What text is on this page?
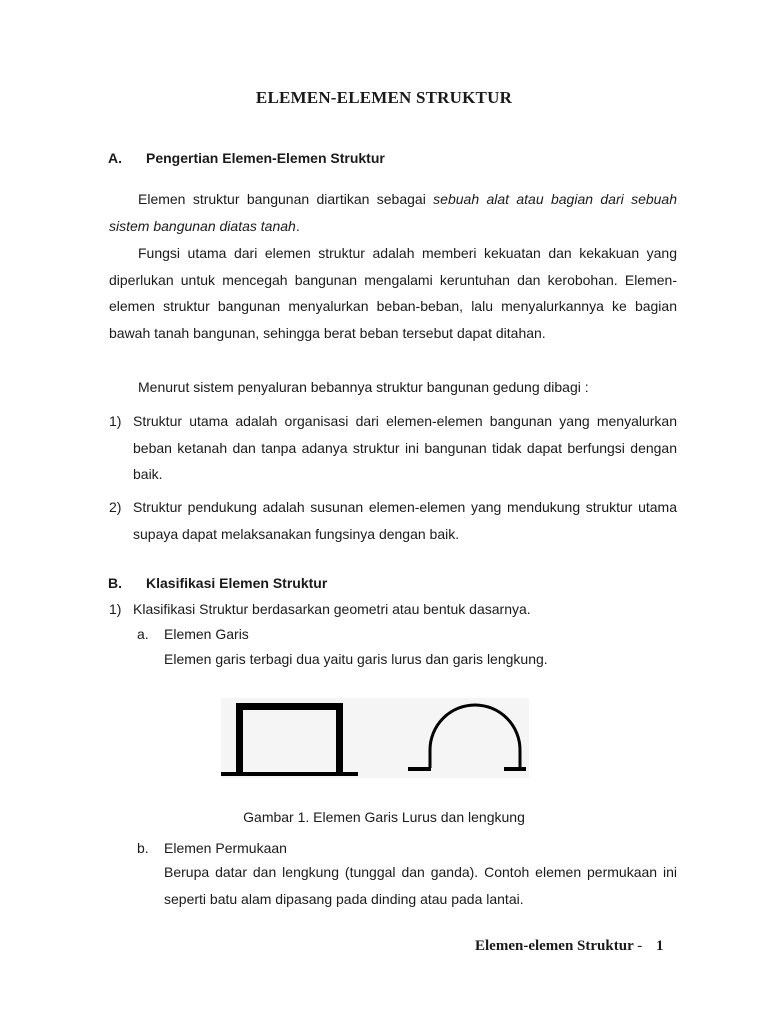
ELEMEN-ELEMEN STRUKTUR
A. Pengertian Elemen-Elemen Struktur
Elemen struktur bangunan diartikan sebagai sebuah alat atau bagian dari sebuah sistem bangunan diatas tanah.
Fungsi utama dari elemen struktur adalah memberi kekuatan dan kekakuan yang diperlukan untuk mencegah bangunan mengalami keruntuhan dan kerobohan. Elemen-elemen struktur bangunan menyalurkan beban-beban, lalu menyalurkannya ke bagian bawah tanah bangunan, sehingga berat beban tersebut dapat ditahan.
Menurut sistem penyaluran bebannya struktur bangunan gedung dibagi :
1) Struktur utama adalah organisasi dari elemen-elemen bangunan yang menyalurkan beban ketanah dan tanpa adanya struktur ini bangunan tidak dapat berfungsi dengan baik.
2) Struktur pendukung adalah susunan elemen-elemen yang mendukung struktur utama supaya dapat melaksanakan fungsinya dengan baik.
B. Klasifikasi Elemen Struktur
1) Klasifikasi Struktur berdasarkan geometri atau bentuk dasarnya.
a. Elemen Garis
Elemen garis terbagi dua yaitu garis lurus dan garis lengkung.
Gambar 1. Elemen Garis Lurus dan lengkung
b. Elemen Permukaan
Berupa datar dan lengkung (tunggal dan ganda). Contoh elemen permukaan ini seperti batu alam dipasang pada dinding atau pada lantai.
Elemen-elemen Struktur - 1
